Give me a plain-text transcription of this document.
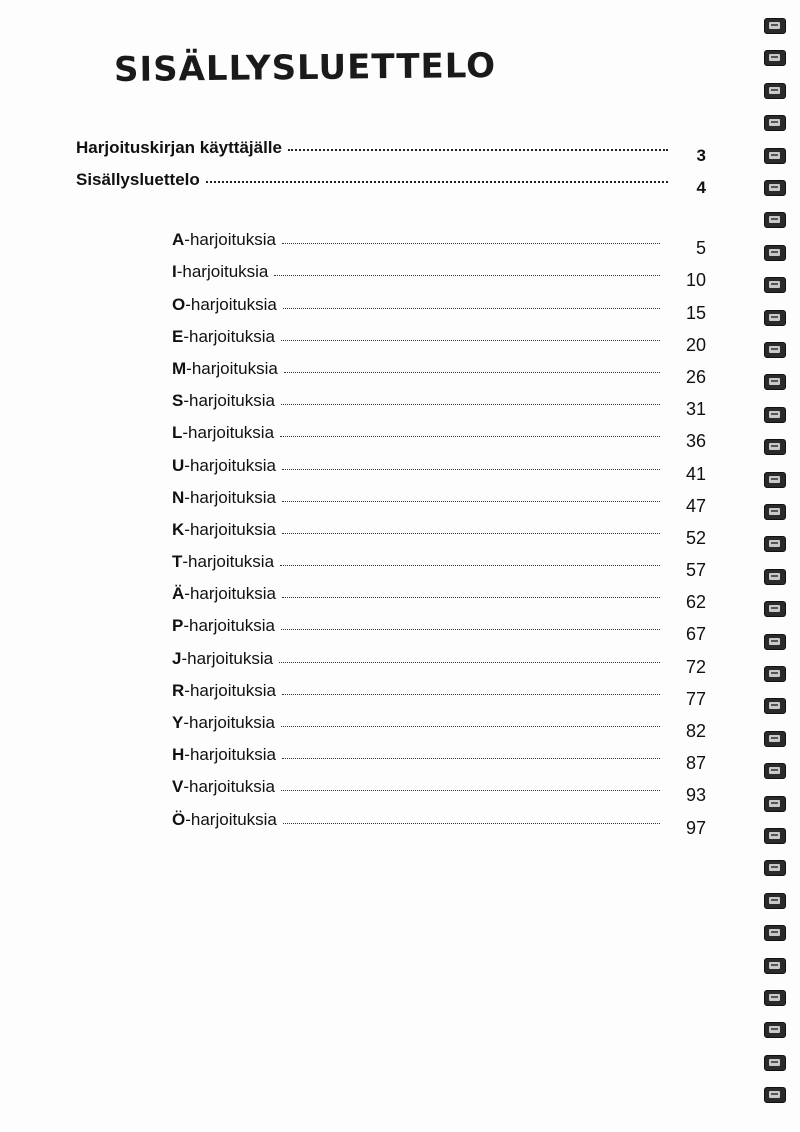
SISÄLLYSLUETTELO
Harjoituskirjan käyttäjälle	3
Sisällysluettelo	4
A -harjoituksia	5
I -harjoituksia	10
O -harjoituksia	15
E -harjoituksia	20
M -harjoituksia	26
S -harjoituksia	31
L -harjoituksia	36
U -harjoituksia	41
N -harjoituksia	47
K -harjoituksia	52
T -harjoituksia	57
Ä -harjoituksia	62
P -harjoituksia	67
J -harjoituksia	72
R -harjoituksia	77
Y -harjoituksia	82
H -harjoituksia	87
V -harjoituksia	93
Ö -harjoituksia	97
